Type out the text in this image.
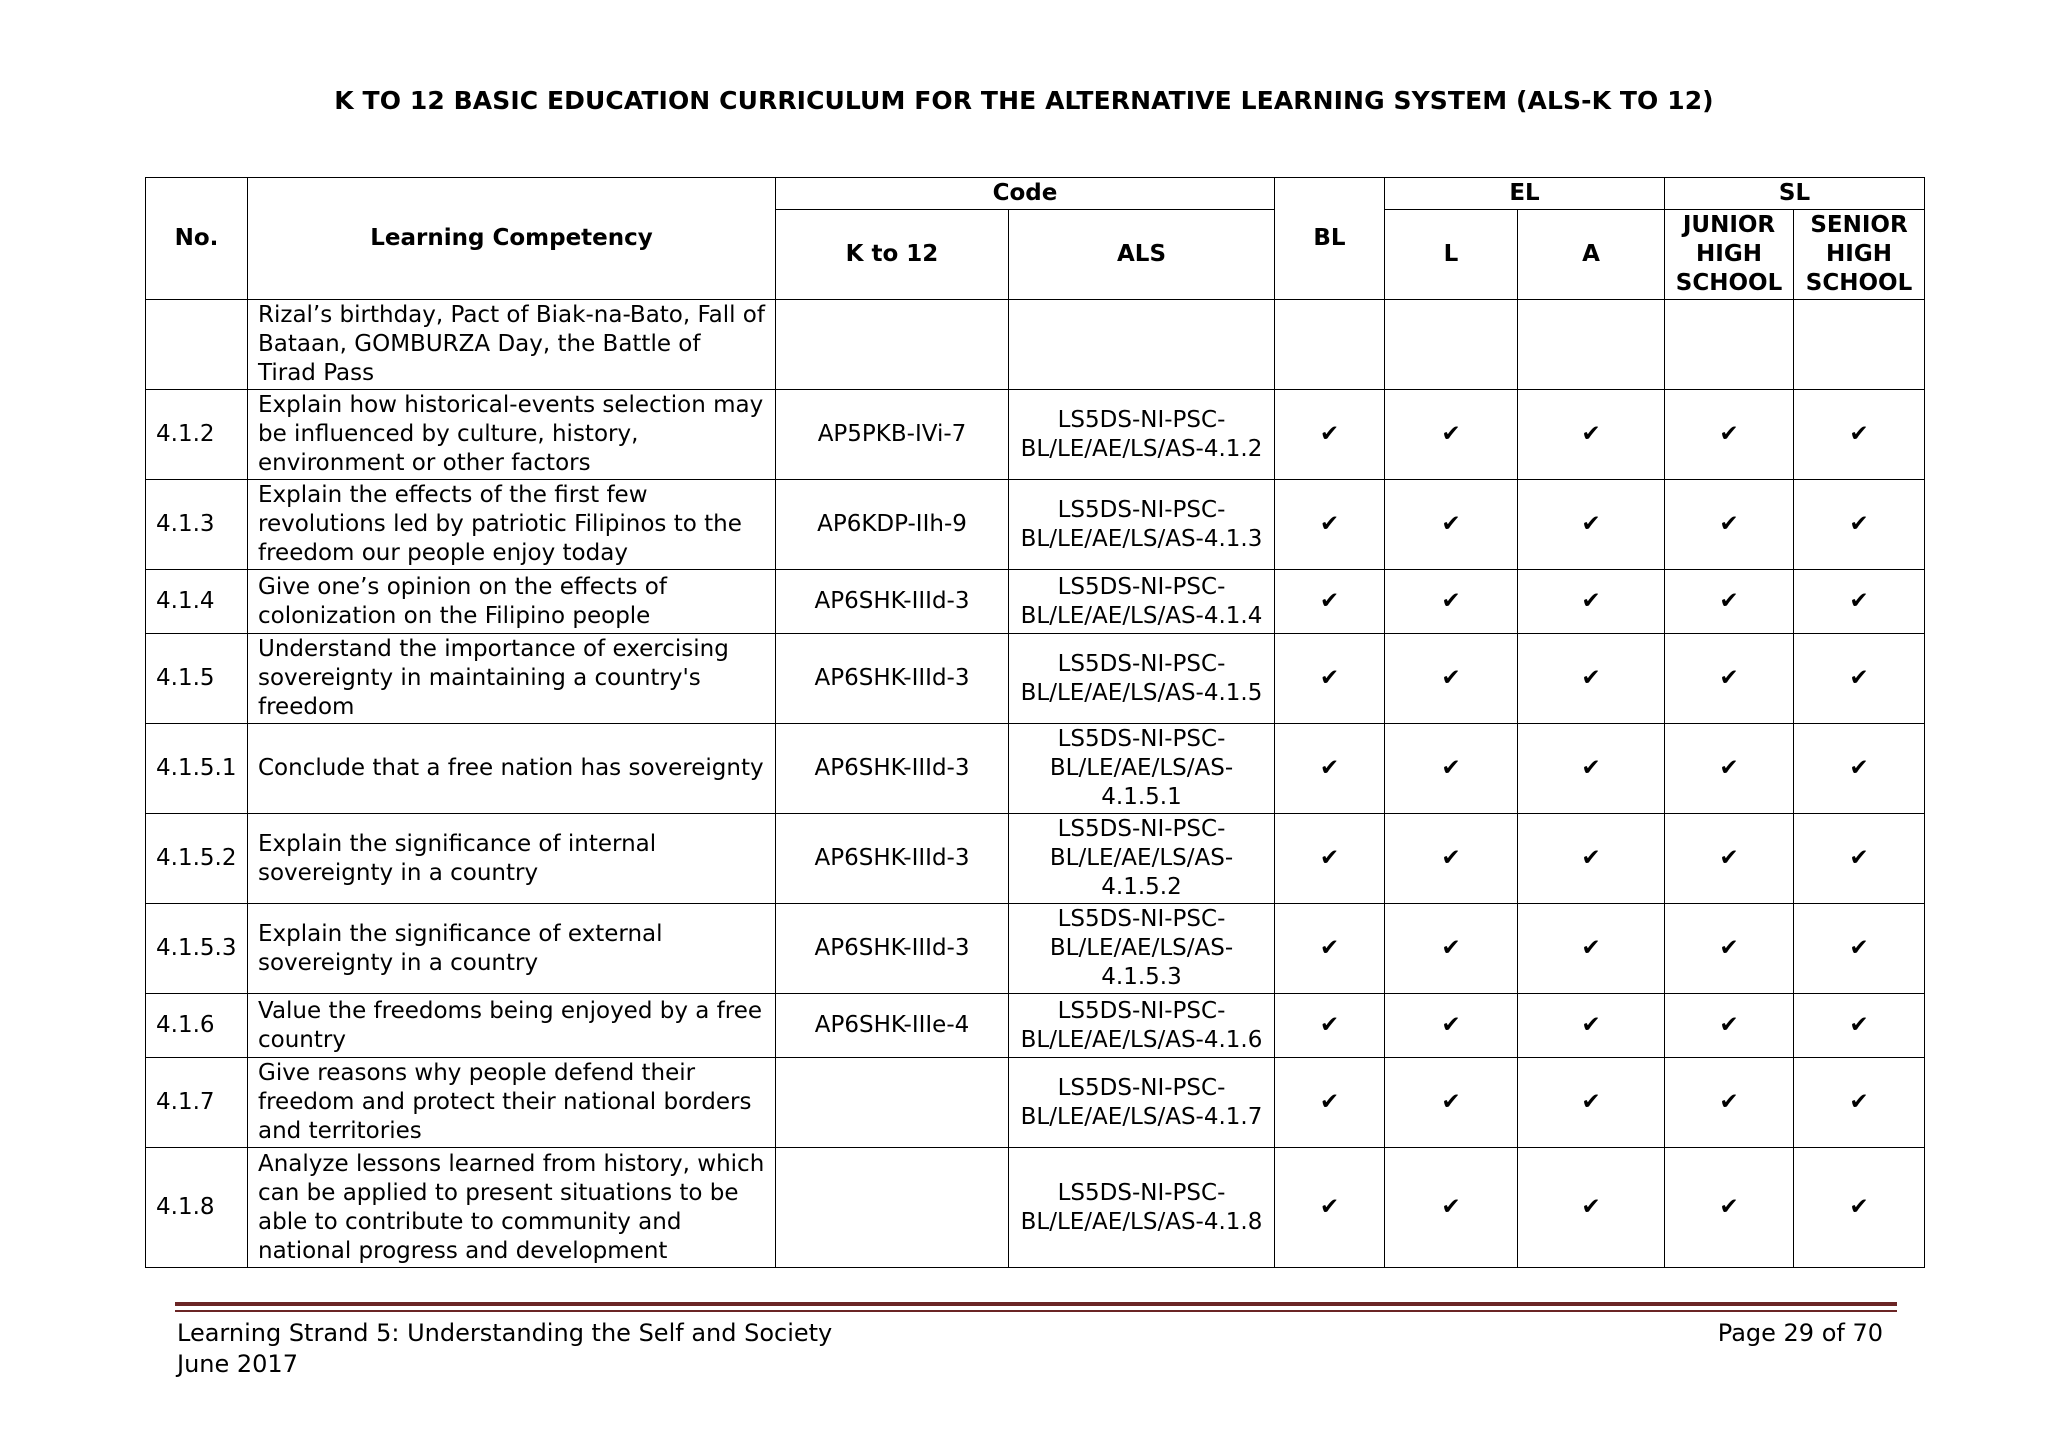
K TO 12 BASIC EDUCATION CURRICULUM FOR THE ALTERNATIVE LEARNING SYSTEM (ALS-K TO 12)
No.	Learning Competency	Code		BL	EL		SL	
		K to 12	ALS		L	A	JUNIOR HIGH SCHOOL	SENIOR HIGH SCHOOL
	Rizal’s birthday, Pact of Biak-na-Bato, Fall of Bataan, GOMBURZA Day, the Battle of Tirad Pass							
4.1.2	Explain how historical-events selection may be influenced by culture, history, environment or other factors	AP5PKB-IVi-7	LS5DS-NI-PSC-BL/LE/AE/LS/AS-4.1.2	✔	✔	✔	✔	✔
4.1.3	Explain the effects of the first few revolutions led by patriotic Filipinos to the freedom our people enjoy today	AP6KDP-IIh-9	LS5DS-NI-PSC-BL/LE/AE/LS/AS-4.1.3	✔	✔	✔	✔	✔
4.1.4	Give one’s opinion on the effects of colonization on the Filipino people	AP6SHK-IIId-3	LS5DS-NI-PSC-BL/LE/AE/LS/AS-4.1.4	✔	✔	✔	✔	✔
4.1.5	Understand the importance of exercising sovereignty in maintaining a country's freedom	AP6SHK-IIId-3	LS5DS-NI-PSC-BL/LE/AE/LS/AS-4.1.5	✔	✔	✔	✔	✔
4.1.5.1	Conclude that a free nation has sovereignty	AP6SHK-IIId-3	LS5DS-NI-PSC-BL/LE/AE/LS/AS-4.1.5.1	✔	✔	✔	✔	✔
4.1.5.2	Explain the significance of internal sovereignty in a country	AP6SHK-IIId-3	LS5DS-NI-PSC-BL/LE/AE/LS/AS-4.1.5.2	✔	✔	✔	✔	✔
4.1.5.3	Explain the significance of external sovereignty in a country	AP6SHK-IIId-3	LS5DS-NI-PSC-BL/LE/AE/LS/AS-4.1.5.3	✔	✔	✔	✔	✔
4.1.6	Value the freedoms being enjoyed by a free country	AP6SHK-IIIe-4	LS5DS-NI-PSC-BL/LE/AE/LS/AS-4.1.6	✔	✔	✔	✔	✔
4.1.7	Give reasons why people defend their freedom and protect their national borders and territories		LS5DS-NI-PSC-BL/LE/AE/LS/AS-4.1.7	✔	✔	✔	✔	✔
4.1.8	Analyze lessons learned from history, which can be applied to present situations to be able to contribute to community and national progress and development		LS5DS-NI-PSC-BL/LE/AE/LS/AS-4.1.8	✔	✔	✔	✔	✔
Learning Strand 5: Understanding the Self and Society
June 2017
Page 29 of 70
